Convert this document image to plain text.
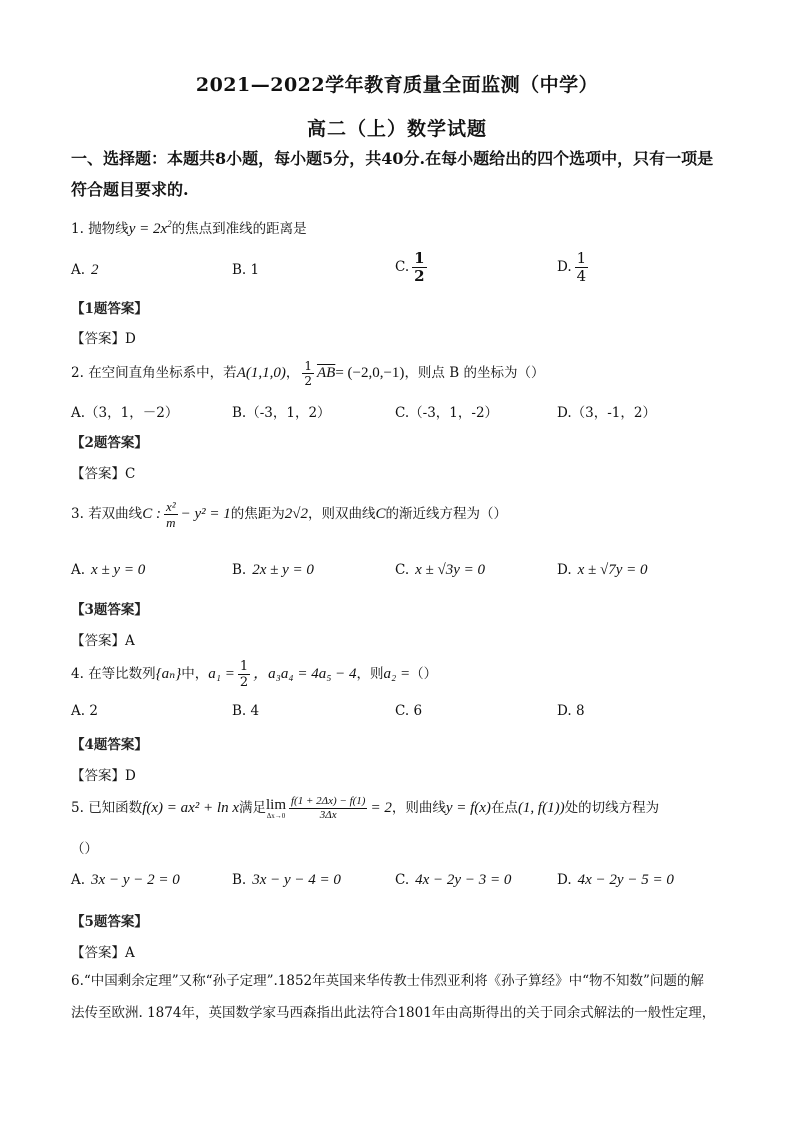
2021—2022学年教育质量全面监测（中学）
高二（上）数学试题
一、选择题：本题共8小题，每小题5分，共40分.在每小题给出的四个选项中，只有一项是
符合题目要求的.
1. 抛物线$y = 2x^2$的焦点到准线的距离是
A. 2	B. 1	C. $\frac{1}{2}$	D. $\frac{1}{4}$
【1题答案】
【答案】D
2. 在空间直角坐标系中，若A(1,1,0)， $\frac{1}{2} \overline{AB}= (-2,0,-1)$，则点 B 的坐标为（）
A.（3，1，－2）	B.（-3，1，2）	C.（-3，1，-2）	D.（3，-1，2）
【2题答案】
【答案】C
3. 若双曲线C : $\frac{\text{x²}}{m} - y^2 = 1$的焦距为2√2，则双曲线C的渐近线方程为（）
A. x ± y = 0	B. 2x ± y = 0	C. x ± √3y = 0	D. x ± √7y = 0
【3题答案】
【答案】A
4. 在等比数列{aₙ}中，$a_1 = \frac{1}{2}$ ，a₃a₄ = 4a₅ − 4，则a₂ =（）
A. 2	B. 4	C. 6	D. 8
【4题答案】
【答案】D
5. 已知函数f(x) = ax² + ln x满足lim
$\Delta x\to 0 \frac{f(1 + 2\Delta x) - f(1)}{3\Delta x} = 2$，则曲线y = f(x)在点(1, f(1))处的切线方程为
（）
A. 3x − y − 2 = 0	B. 3x − y − 4 = 0	C. 4x − 2y − 3 = 0	D. 4x − 2y − 5 = 0
【5题答案】
【答案】A
6.“中国剩余定理”又称“孙子定理”.1852年英国来华传教士伟烈亚利将《孙子算经》中“物不知数”问题的解
法传至欧洲. 1874年，英国数学家马西森指出此法符合1801年由高斯得出的关于同余式解法的一般性定理，
